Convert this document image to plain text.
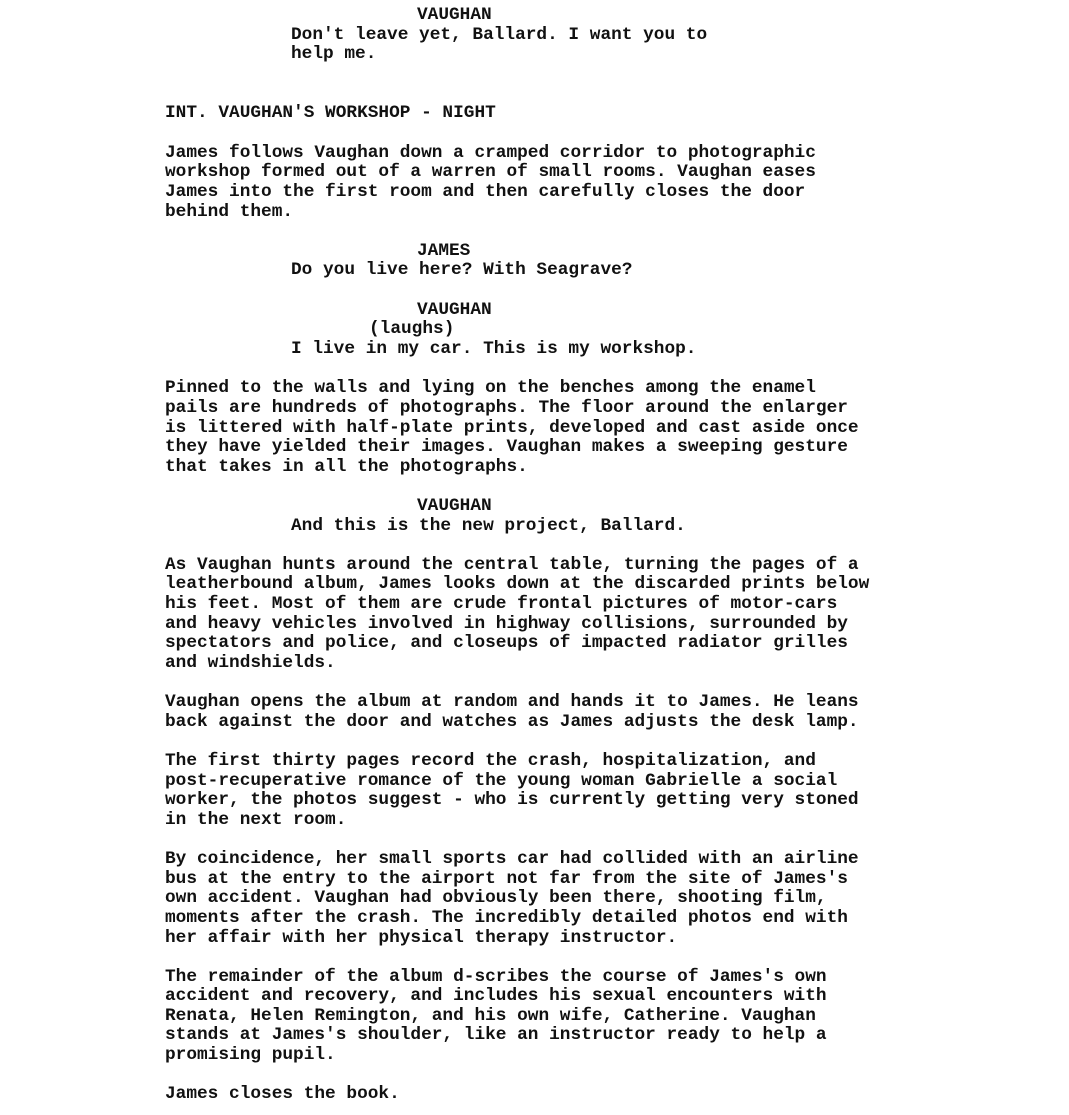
VAUGHAN
Don't leave yet, Ballard. I want you to
help me.
INT. VAUGHAN'S WORKSHOP - NIGHT
James follows Vaughan down a cramped corridor to photographic
workshop formed out of a warren of small rooms. Vaughan eases
James into the first room and then carefully closes the door
behind them.
JAMES
Do you live here? With Seagrave?
VAUGHAN
(laughs)
I live in my car. This is my workshop.
Pinned to the walls and lying on the benches among the enamel
pails are hundreds of photographs. The floor around the enlarger
is littered with half-plate prints, developed and cast aside once
they have yielded their images. Vaughan makes a sweeping gesture
that takes in all the photographs.
VAUGHAN
And this is the new project, Ballard.
As Vaughan hunts around the central table, turning the pages of a
leatherbound album, James looks down at the discarded prints below
his feet. Most of them are crude frontal pictures of motor-cars
and heavy vehicles involved in highway collisions, surrounded by
spectators and police, and closeups of impacted radiator grilles
and windshields.
Vaughan opens the album at random and hands it to James. He leans
back against the door and watches as James adjusts the desk lamp.
The first thirty pages record the crash, hospitalization, and
post-recuperative romance of the young woman Gabrielle a social
worker, the photos suggest - who is currently getting very stoned
in the next room.
By coincidence, her small sports car had collided with an airline
bus at the entry to the airport not far from the site of James's
own accident. Vaughan had obviously been there, shooting film,
moments after the crash. The incredibly detailed photos end with
her affair with her physical therapy instructor.
The remainder of the album d-scribes the course of James's own
accident and recovery, and includes his sexual encounters with
Renata, Helen Remington, and his own wife, Catherine. Vaughan
stands at James's shoulder, like an instructor ready to help a
promising pupil.
James closes the book.
